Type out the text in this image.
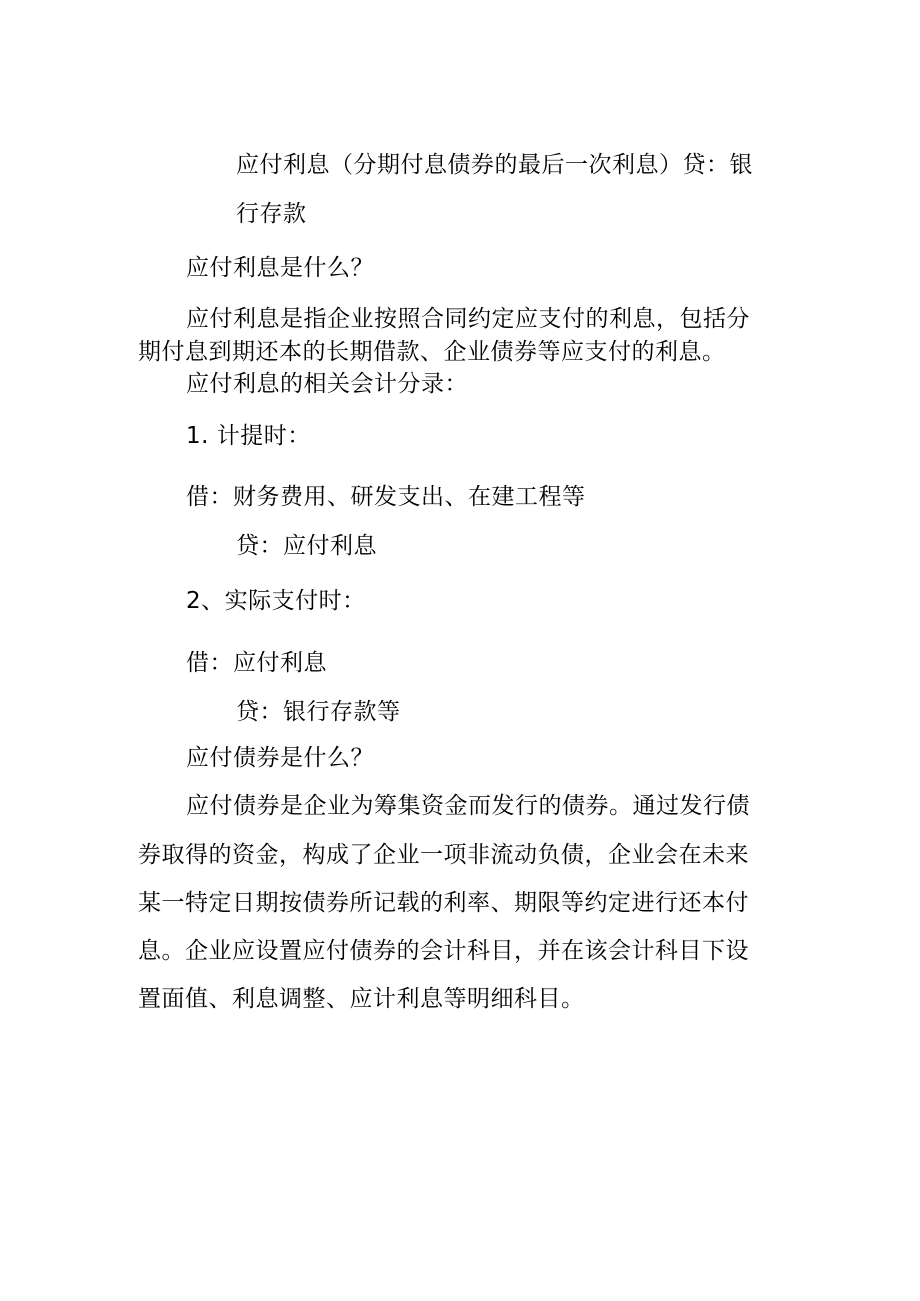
应付利息（分期付息债券的最后一次利息）贷：银
行存款
应付利息是什么？
应付利息是指企业按照合同约定应支付的利息，包括分
期付息到期还本的长期借款、企业债券等应支付的利息。
应付利息的相关会计分录：
1. 计提时：
借：财务费用、研发支出、在建工程等
贷：应付利息
2、实际支付时：
借：应付利息
贷：银行存款等
应付债券是什么？
应付债券是企业为筹集资金而发行的债券。通过发行债
券取得的资金，构成了企业一项非流动负债，企业会在未来
某一特定日期按债券所记载的利率、期限等约定进行还本付
息。企业应设置应付债券的会计科目，并在该会计科目下设
置面值、利息调整、应计利息等明细科目。
